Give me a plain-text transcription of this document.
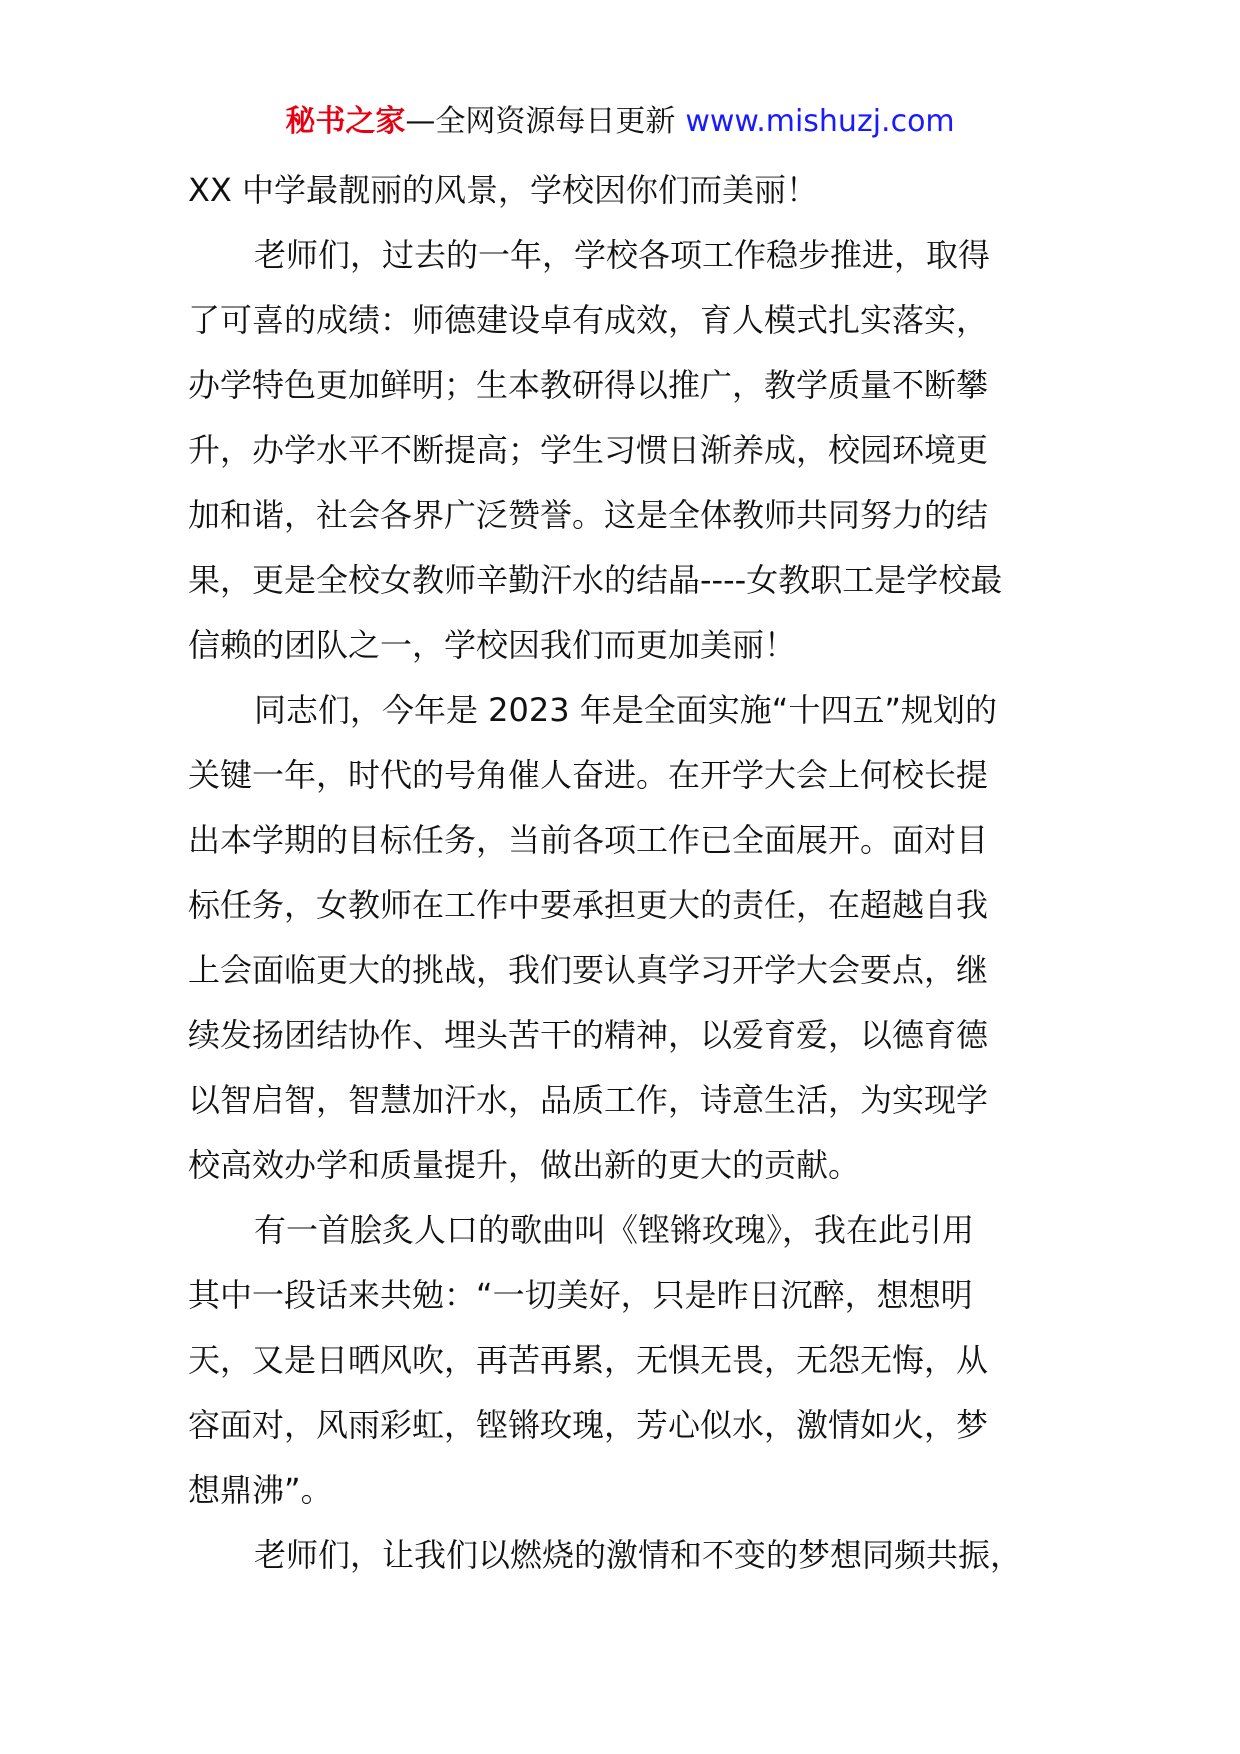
秘书之家—全网资源每日更新 www.mishuzj.com
XX 中学最靓丽的风景，学校因你们而美丽！
老师们，过去的一年，学校各项工作稳步推进，取得
了可喜的成绩：师德建设卓有成效，育人模式扎实落实，
办学特色更加鲜明；生本教研得以推广，教学质量不断攀
升，办学水平不断提高；学生习惯日渐养成，校园环境更
加和谐，社会各界广泛赞誉。这是全体教师共同努力的结
果，更是全校女教师辛勤汗水的结晶----女教职工是学校最
信赖的团队之一，学校因我们而更加美丽！
同志们，今年是 2023 年是全面实施“十四五”规划的
关键一年，时代的号角催人奋进。在开学大会上何校长提
出本学期的目标任务，当前各项工作已全面展开。面对目
标任务，女教师在工作中要承担更大的责任，在超越自我
上会面临更大的挑战，我们要认真学习开学大会要点，继
续发扬团结协作、埋头苦干的精神，以爱育爱，以德育德
以智启智，智慧加汗水，品质工作，诗意生活，为实现学
校高效办学和质量提升，做出新的更大的贡献。
有一首脍炙人口的歌曲叫《铿锵玫瑰》，我在此引用
其中一段话来共勉：“一切美好，只是昨日沉醉，想想明
天，又是日晒风吹，再苦再累，无惧无畏，无怨无悔，从
容面对，风雨彩虹，铿锵玫瑰，芳心似水，激情如火，梦
想鼎沸”。
老师们，让我们以燃烧的激情和不变的梦想同频共振，
